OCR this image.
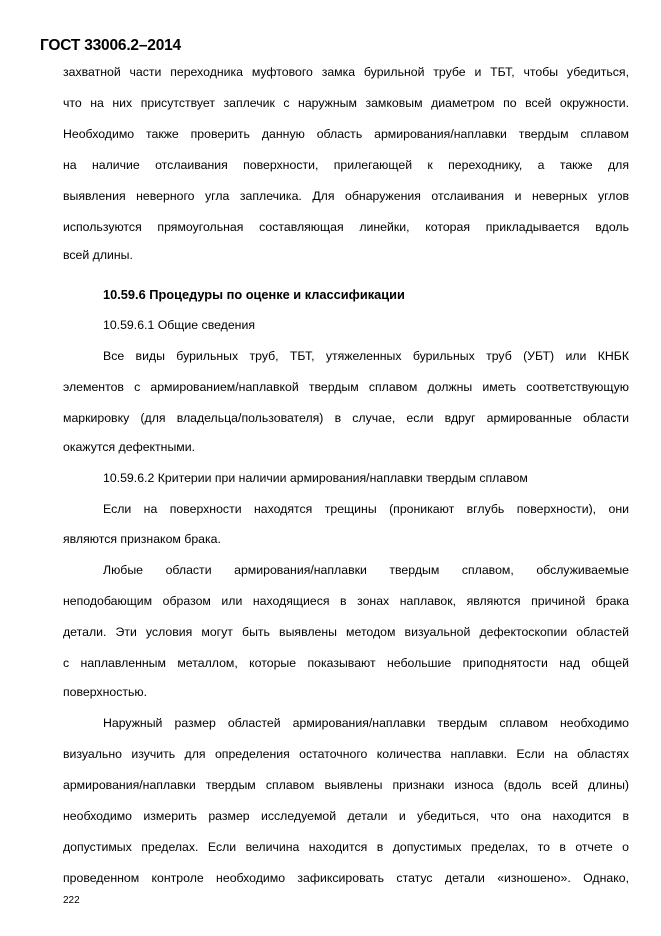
ГОСТ 33006.2–2014
захватной части переходника муфтового замка бурильной трубе и ТБТ, чтобы убедиться,
что на них присутствует заплечик с наружным замковым диаметром по всей окружности.
Необходимо также проверить данную область армирования/наплавки твердым сплавом
на наличие отслаивания поверхности, прилегающей к переходнику, а также для
выявления неверного угла заплечика. Для обнаружения отслаивания и неверных углов
используются прямоугольная составляющая линейки, которая прикладывается вдоль
всей длины.
10.59.6 Процедуры по оценке и классификации
10.59.6.1 Общие сведения
Все виды бурильных труб, ТБТ, утяжеленных бурильных труб (УБТ) или КНБК
элементов с армированием/наплавкой твердым сплавом должны иметь соответствующую
маркировку (для владельца/пользователя) в случае, если вдруг армированные области
окажутся дефектными.
10.59.6.2 Критерии при наличии армирования/наплавки твердым сплавом
Если на поверхности находятся трещины (проникают вглубь поверхности), они
являются признаком брака.
Любые области армирования/наплавки твердым сплавом, обслуживаемые
неподобающим образом или находящиеся в зонах наплавок, являются причиной брака
детали. Эти условия могут быть выявлены методом визуальной дефектоскопии областей
с наплавленным металлом, которые показывают небольшие приподнятости над общей
поверхностью.
Наружный размер областей армирования/наплавки твердым сплавом необходимо
визуально изучить для определения остаточного количества наплавки. Если на областях
армирования/наплавки твердым сплавом выявлены признаки износа (вдоль всей длины)
необходимо измерить размер исследуемой детали и убедиться, что она находится в
допустимых пределах. Если величина находится в допустимых пределах, то в отчете о
проведенном контроле необходимо зафиксировать статус детали «изношено». Однако,
222
